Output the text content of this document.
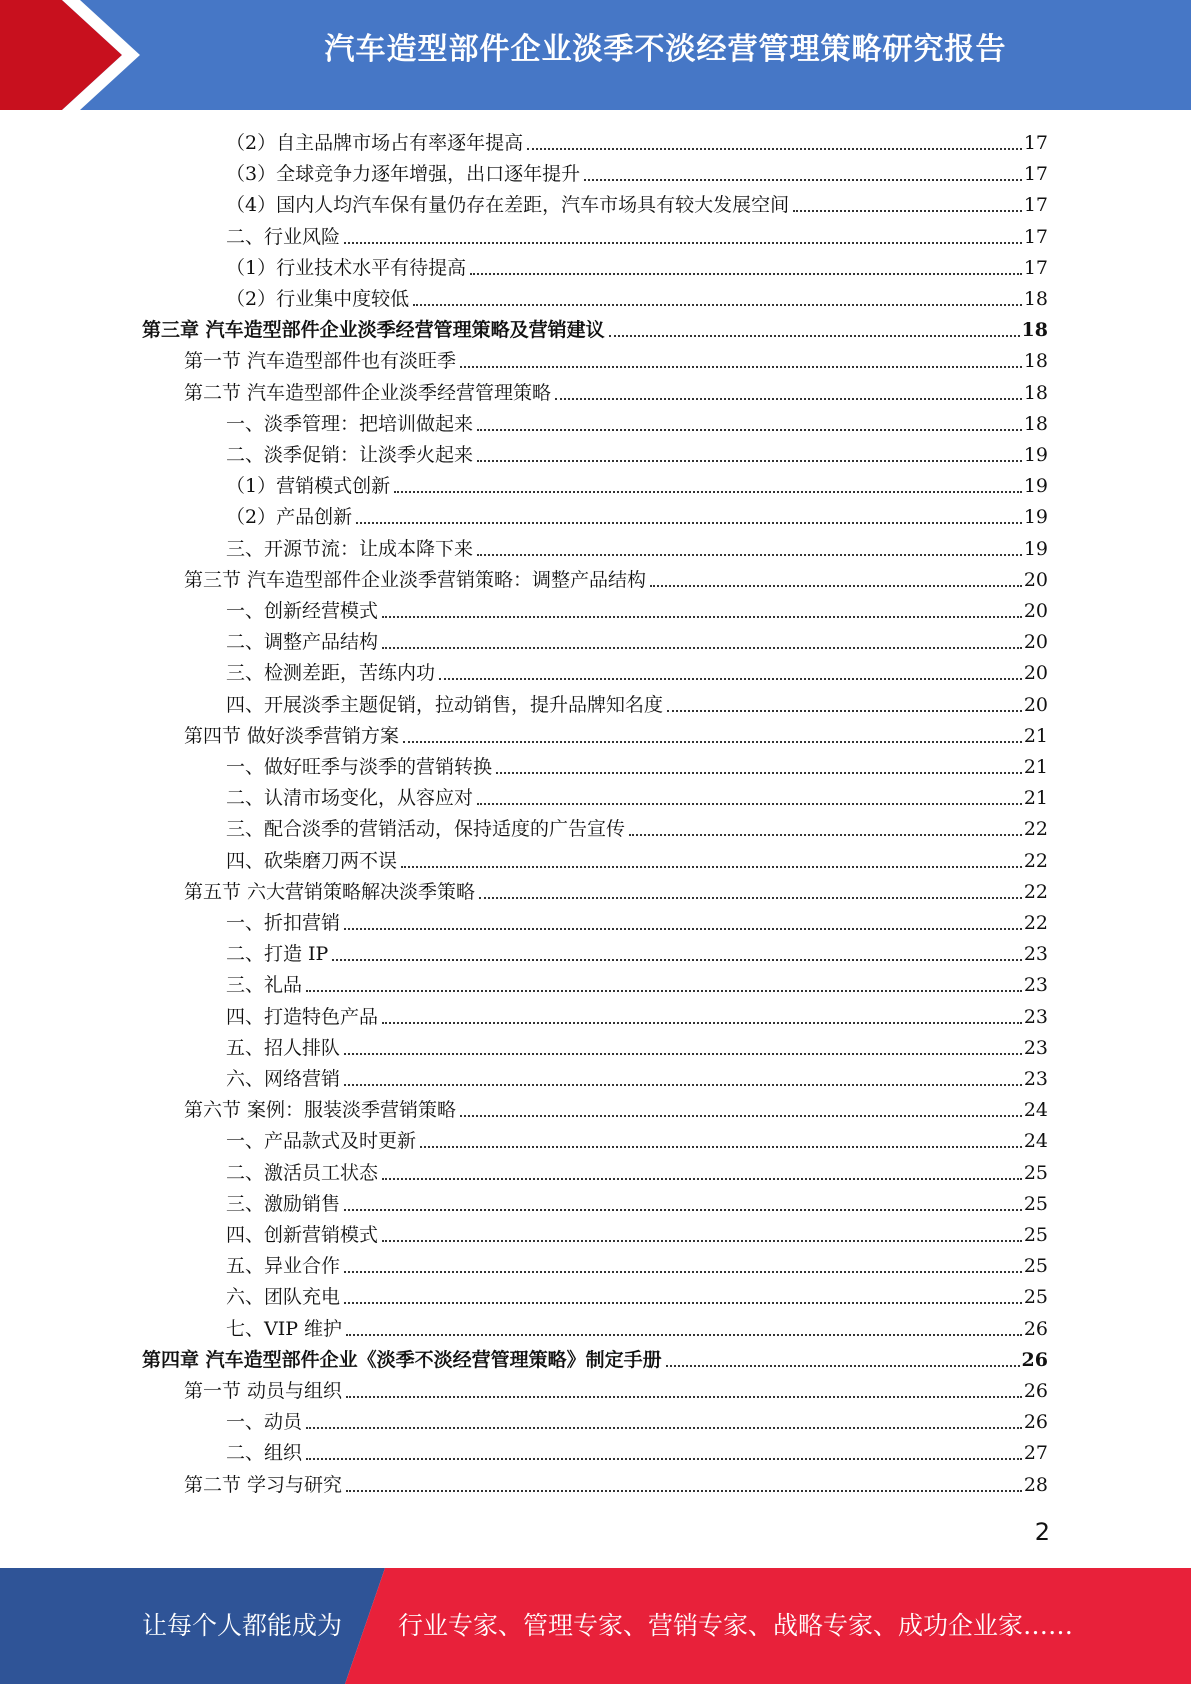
汽车造型部件企业淡季不淡经营管理策略研究报告
（2）自主品牌市场占有率逐年提高	17
（3）全球竞争力逐年增强，出口逐年提升	17
（4）国内人均汽车保有量仍存在差距，汽车市场具有较大发展空间	17
二、行业风险	17
（1）行业技术水平有待提高	17
（2）行业集中度较低	18
第三章 汽车造型部件企业淡季经营管理策略及营销建议	18
第一节 汽车造型部件也有淡旺季	18
第二节 汽车造型部件企业淡季经营管理策略	18
一、淡季管理：把培训做起来	18
二、淡季促销：让淡季火起来	19
（1）营销模式创新	19
（2）产品创新	19
三、开源节流：让成本降下来	19
第三节 汽车造型部件企业淡季营销策略：调整产品结构	20
一、创新经营模式	20
二、调整产品结构	20
三、检测差距，苦练内功	20
四、开展淡季主题促销，拉动销售，提升品牌知名度	20
第四节 做好淡季营销方案	21
一、做好旺季与淡季的营销转换	21
二、认清市场变化，从容应对	21
三、配合淡季的营销活动，保持适度的广告宣传	22
四、砍柴磨刀两不误	22
第五节 六大营销策略解决淡季策略	22
一、折扣营销	22
二、打造 IP	23
三、礼品	23
四、打造特色产品	23
五、招人排队	23
六、网络营销	23
第六节 案例：服装淡季营销策略	24
一、产品款式及时更新	24
二、激活员工状态	25
三、激励销售	25
四、创新营销模式	25
五、异业合作	25
六、团队充电	25
七、VIP 维护	26
第四章 汽车造型部件企业《淡季不淡经营管理策略》制定手册	26
第一节 动员与组织	26
一、动员	26
二、组织	27
第二节 学习与研究	28
2
让每个人都能成为 行业专家、管理专家、营销专家、战略专家、成功企业家……
